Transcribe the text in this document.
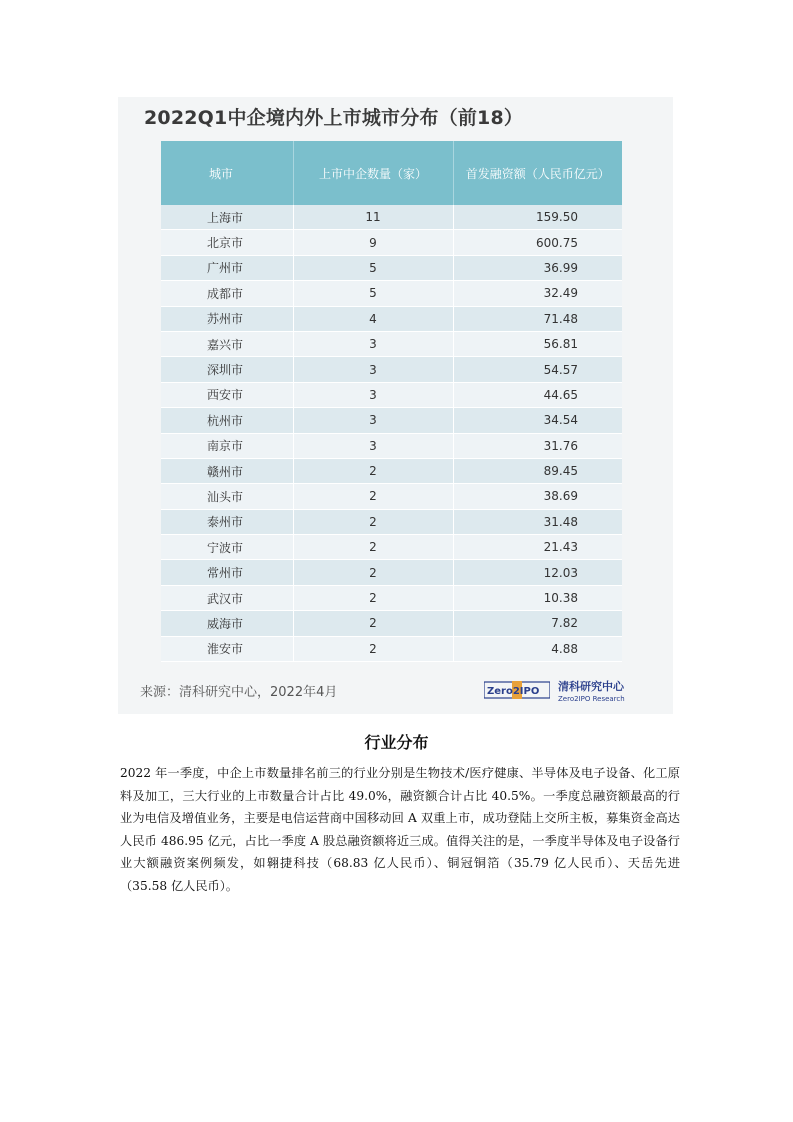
2022Q1中企境内外上市城市分布（前18）
城市	上市中企数量（家）	首发融资额（人民币亿元）
上海市	11	159.50
北京市	9	600.75
广州市	5	36.99
成都市	5	32.49
苏州市	4	71.48
嘉兴市	3	56.81
深圳市	3	54.57
西安市	3	44.65
杭州市	3	34.54
南京市	3	31.76
赣州市	2	89.45
汕头市	2	38.69
泰州市	2	31.48
宁波市	2	21.43
常州市	2	12.03
武汉市	2	10.38
威海市	2	7.82
淮安市	2	4.88
来源：清科研究中心，2022年4月	Zero2IPO 清科研究中心
Zero2IPO Research
行业分布
2022 年一季度，中企上市数量排名前三的行业分别是生物技术/医疗健康、半导体及电子设备、化工原料及加工，三大行业的上市数量合计占比 49.0%，融资额合计占比 40.5%。一季度总融资额最高的行业为电信及增值业务，主要是电信运营商中国移动回 A 双重上市，成功登陆上交所主板，募集资金高达人民币 486.95 亿元，占比一季度 A 股总融资额将近三成。值得关注的是，一季度半导体及电子设备行业大额融资案例频发，如翱捷科技（68.83 亿人民币）、铜冠铜箔（35.79 亿人民币）、天岳先进（35.58 亿人民币）。
